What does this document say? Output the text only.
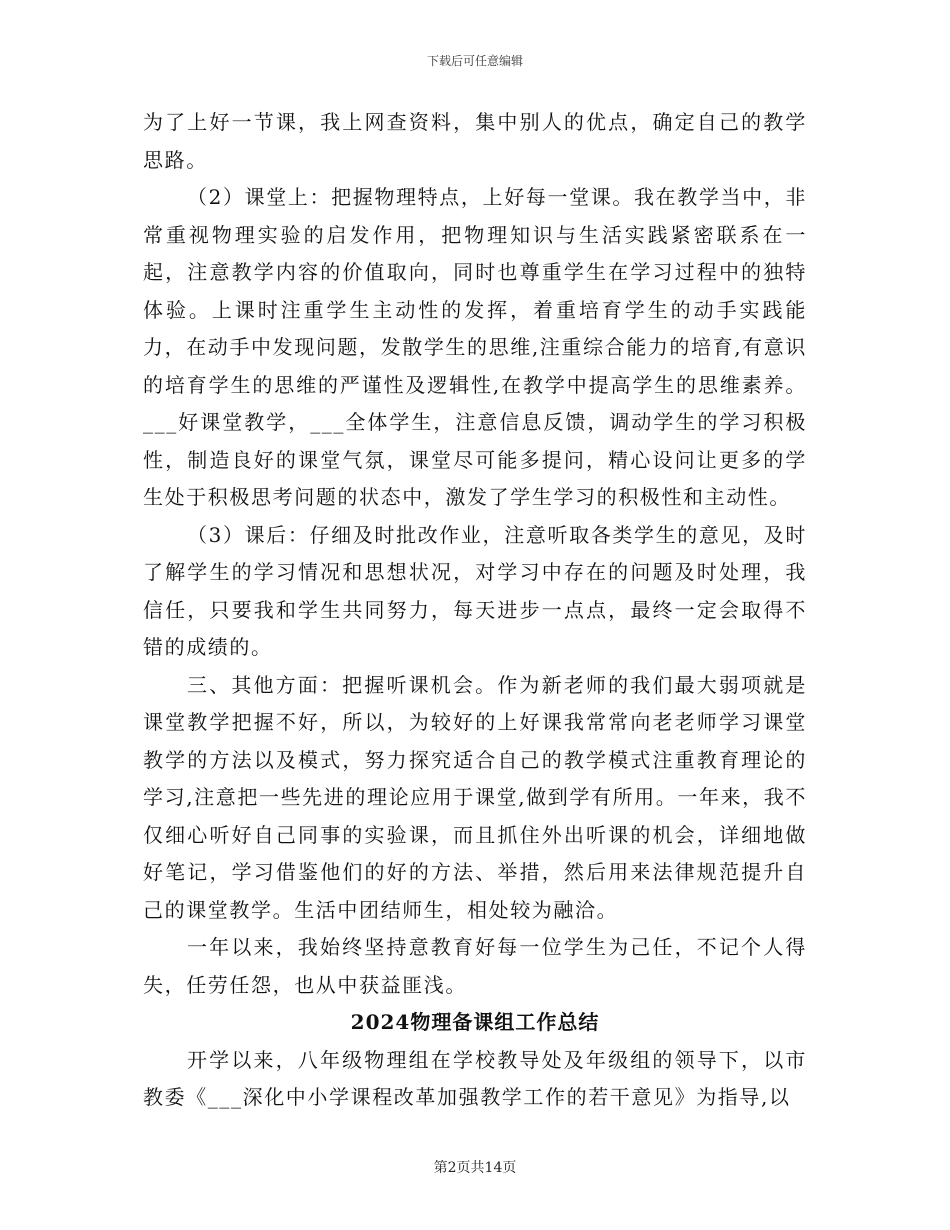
下载后可任意编辑

为了上好一节课，我上网查资料，集中别人的优点，确定自己的教学思路。

（2）课堂上：把握物理特点，上好每一堂课。我在教学当中，非常重视物理实验的启发作用，把物理知识与生活实践紧密联系在一起，注意教学内容的价值取向，同时也尊重学生在学习过程中的独特体验。上课时注重学生主动性的发挥，着重培育学生的动手实践能力，在动手中发现问题，发散学生的思维,注重综合能力的培育,有意识的培育学生的思维的严谨性及逻辑性,在教学中提高学生的思维素养。___好课堂教学，___全体学生，注意信息反馈，调动学生的学习积极性，制造良好的课堂气氛，课堂尽可能多提问，精心设问让更多的学生处于积极思考问题的状态中，激发了学生学习的积极性和主动性。

（3）课后：仔细及时批改作业，注意听取各类学生的意见，及时了解学生的学习情况和思想状况，对学习中存在的问题及时处理，我信任，只要我和学生共同努力，每天进步一点点，最终一定会取得不错的成绩的。

三、其他方面：把握听课机会。作为新老师的我们最大弱项就是课堂教学把握不好，所以，为较好的上好课我常常向老老师学习课堂教学的方法以及模式，努力探究适合自己的教学模式注重教育理论的学习,注意把一些先进的理论应用于课堂,做到学有所用。一年来，我不仅细心听好自己同事的实验课，而且抓住外出听课的机会，详细地做好笔记，学习借鉴他们的好的方法、举措，然后用来法律规范提升自己的课堂教学。生活中团结师生，相处较为融洽。

一年以来，我始终坚持意教育好每一位学生为己任，不记个人得失，任劳任怨，也从中获益匪浅。

2024物理备课组工作总结

开学以来，八年级物理组在学校教导处及年级组的领导下，以市教委《___深化中小学课程改革加强教学工作的若干意见》为指导,以

第2页共14页
